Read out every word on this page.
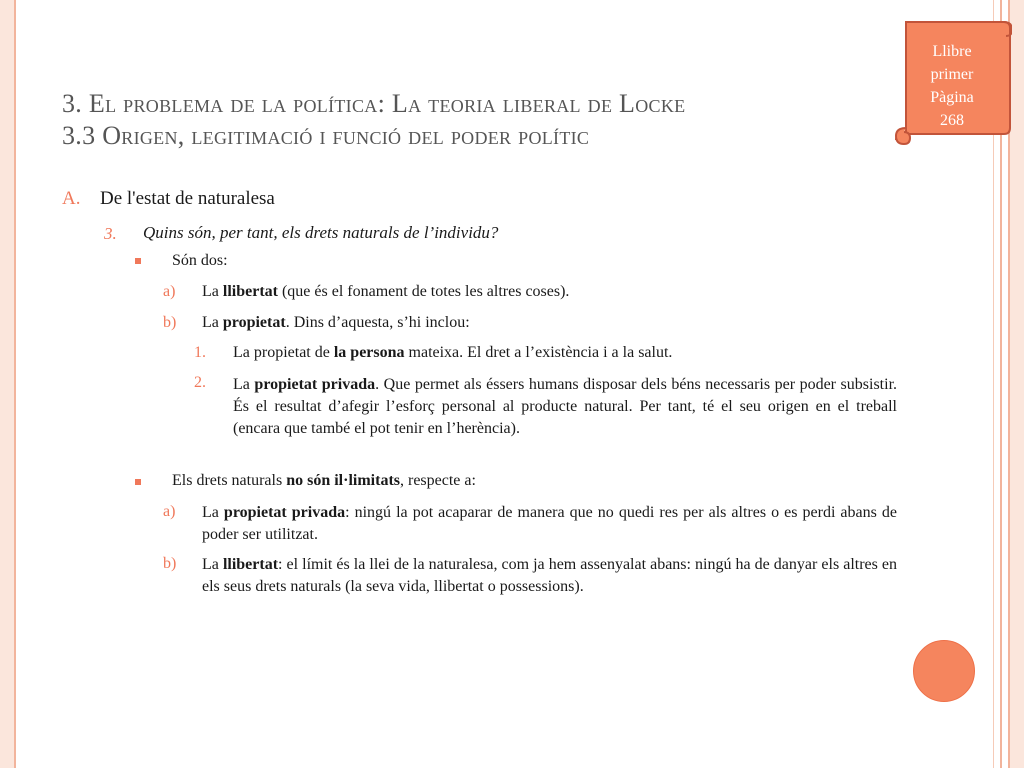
Llibre
primer
Pàgina
268
3. El problema de la política: La teoria liberal de Locke
3.3 Origen, legitimació i funció del poder polític
A. De l'estat de naturalesa
3. Quins són, per tant, els drets naturals de l’individu?
Són dos:
a) La llibertat (que és el fonament de totes les altres coses).
b) La propietat. Dins d’aquesta, s’hi inclou:
1. La propietat de la persona mateixa. El dret a l’existència i a la salut.
2. La propietat privada. Que permet als éssers humans disposar dels béns necessaris per poder subsistir. És el resultat d’afegir l’esforç personal al producte natural. Per tant, té el seu origen en el treball (encara que també el pot tenir en l’herència).
Els drets naturals no són il·limitats, respecte a:
a) La propietat privada: ningú la pot acaparar de manera que no quedi res per als altres o es perdi abans de poder ser utilitzat.
b) La llibertat: el límit és la llei de la naturalesa, com ja hem assenyalat abans: ningú ha de danyar els altres en els seus drets naturals (la seva vida, llibertat o possessions).
